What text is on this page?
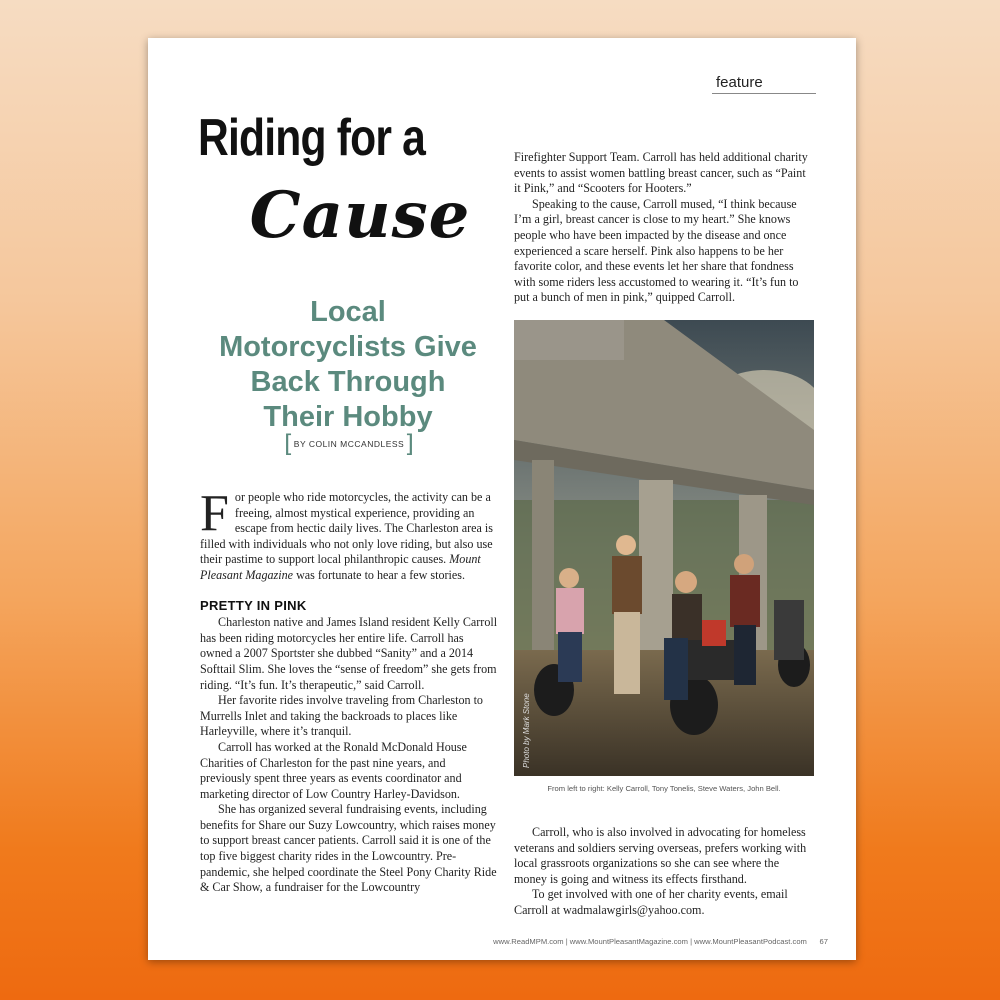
feature
Riding for a
Cause
Local Motorcyclists Give Back Through Their Hobby
[ BY COLIN MCCANDLESS ]

For people who ride motorcycles, the activity can be a freeing, almost mystical experience, providing an escape from hectic daily lives. The Charleston area is filled with individuals who not only love riding, but also use their pastime to support local philanthropic causes. Mount Pleasant Magazine was fortunate to hear a few stories.

PRETTY IN PINK

Charleston native and James Island resident Kelly Carroll has been riding motorcycles her entire life. Carroll has owned a 2007 Sportster she dubbed “Sanity” and a 2014 Softtail Slim. She loves the “sense of freedom” she gets from riding. “It’s fun. It’s therapeutic,” said Carroll.

Her favorite rides involve traveling from Charleston to Murrells Inlet and taking the backroads to places like Harleyville, where it’s tranquil.

Carroll has worked at the Ronald McDonald House Charities of Charleston for the past nine years, and previously spent three years as events coordinator and marketing director of Low Country Harley-Davidson.

She has organized several fundraising events, including benefits for Share our Suzy Lowcountry, which raises money to support breast cancer patients. Carroll said it is one of the top five biggest charity rides in the Lowcountry. Pre-pandemic, she helped coordinate the Steel Pony Charity Ride & Car Show, a fundraiser for the Lowcountry

Firefighter Support Team. Carroll has held additional charity events to assist women battling breast cancer, such as “Paint it Pink,” and “Scooters for Hooters.”

Speaking to the cause, Carroll mused, “I think because I’m a girl, breast cancer is close to my heart.” She knows people who have been impacted by the disease and once experienced a scare herself. Pink also happens to be her favorite color, and these events let her share that fondness with some riders less accustomed to wearing it. “It’s fun to put a bunch of men in pink,” quipped Carroll.

Photo by Mark Stone
From left to right: Kelly Carroll, Tony Tonelis, Steve Waters, John Bell.

Carroll, who is also involved in advocating for homeless veterans and soldiers serving overseas, prefers working with local grassroots organizations so she can see where the money is going and witness its effects firsthand.

To get involved with one of her charity events, email Carroll at wadmalawgirls@yahoo.com.

www.ReadMPM.com | www.MountPleasantMagazine.com | www.MountPleasantPodcast.com 67
